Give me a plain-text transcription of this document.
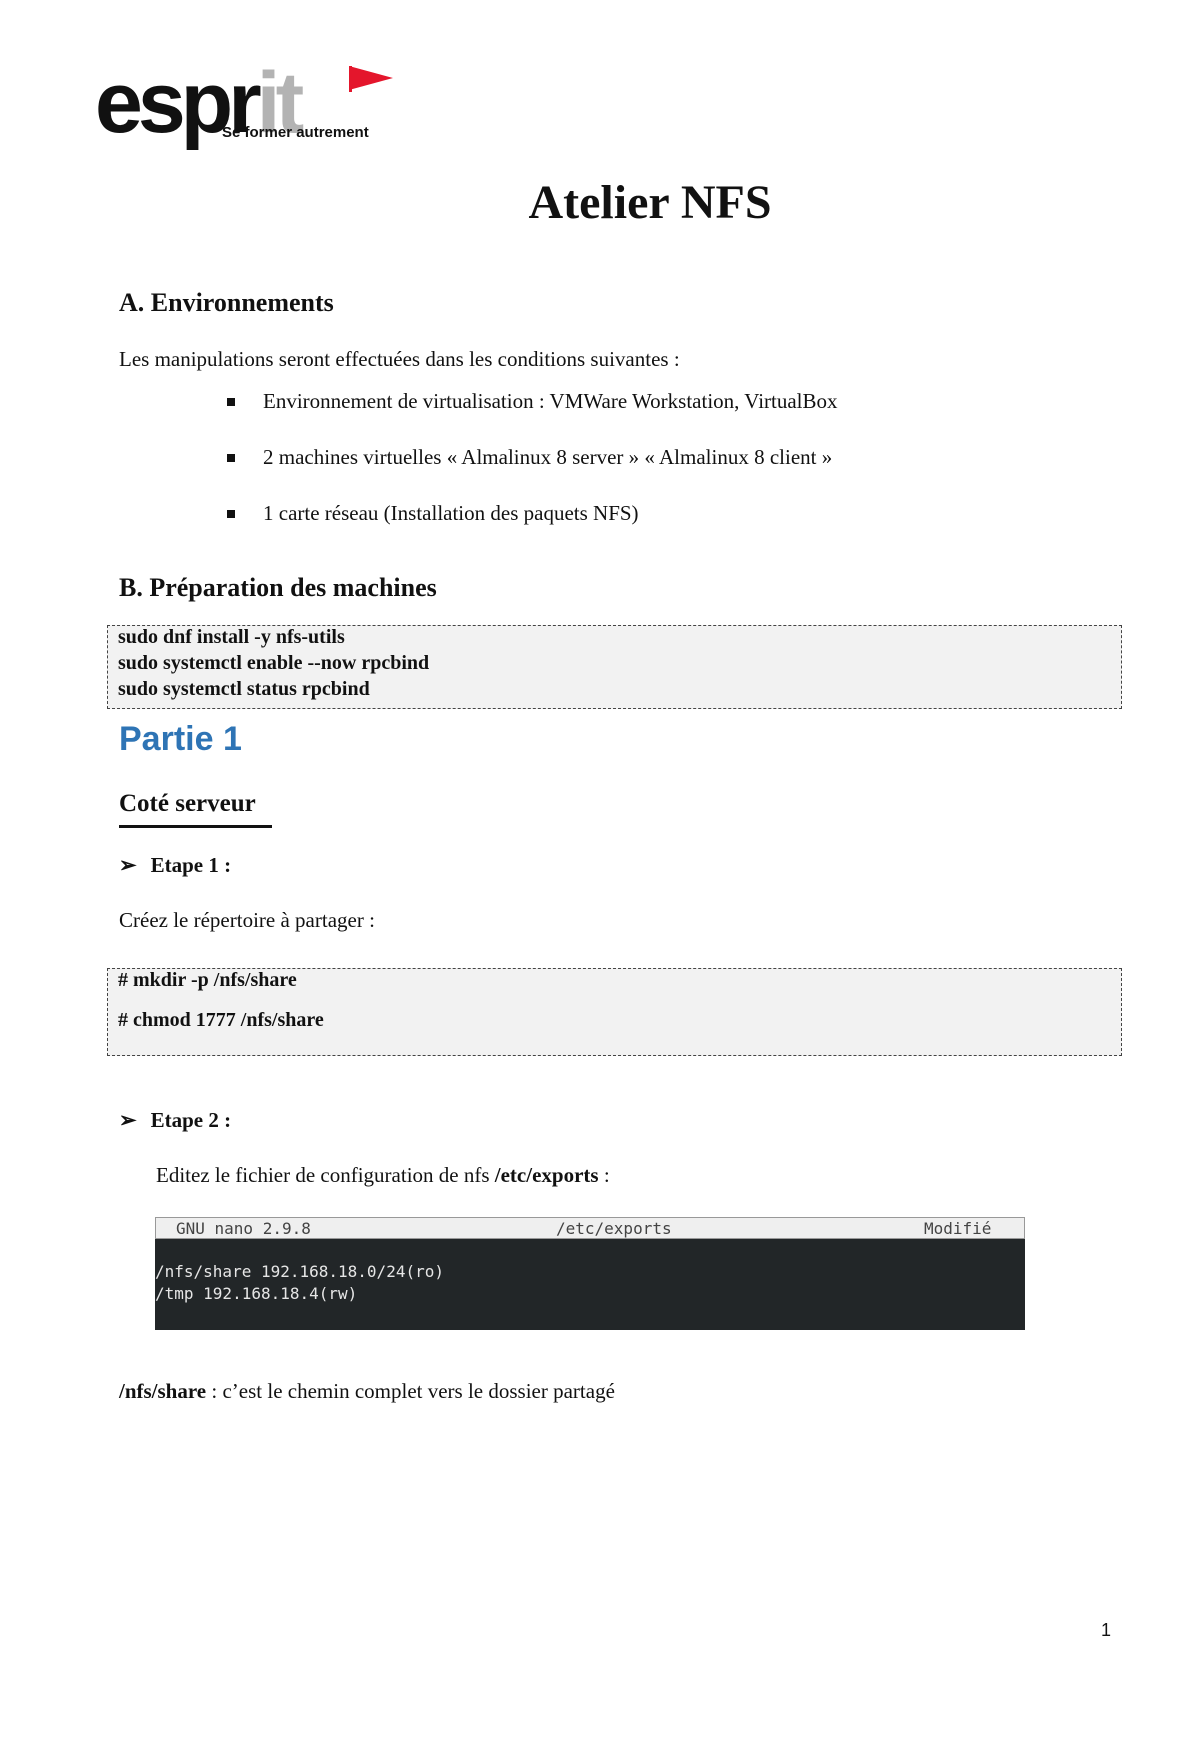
esprit
Se former autrement
Atelier NFS
A. Environnements
Les manipulations seront effectuées dans les conditions suivantes :
Environnement de virtualisation : VMWare Workstation, VirtualBox
2 machines virtuelles « Almalinux 8 server » « Almalinux 8 client »
1 carte réseau (Installation des paquets NFS)
B. Préparation des machines
sudo dnf install -y nfs-utils
sudo systemctl enable --now rpcbind
sudo systemctl status rpcbind
Partie 1
Coté serveur
➢ Etape 1 :
Créez le répertoire à partager :
# mkdir -p /nfs/share
# chmod 1777 /nfs/share
➢ Etape 2 :
Editez le fichier de configuration de nfs /etc/exports :
GNU nano 2.9.8	/etc/exports	Modifié
/nfs/share 192.168.18.0/24(ro)
/tmp 192.168.18.4(rw)
/nfs/share : c’est le chemin complet vers le dossier partagé
1
